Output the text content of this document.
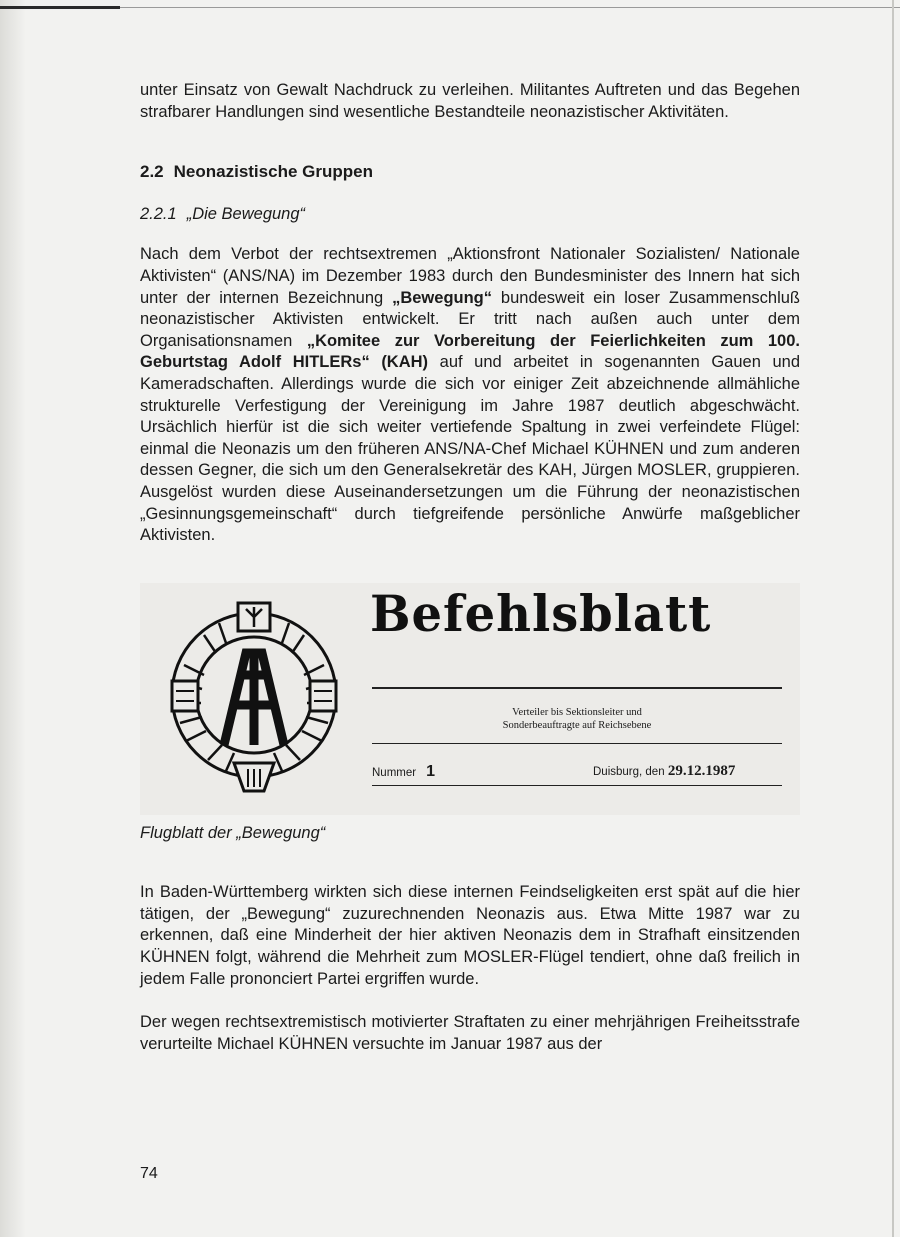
unter Einsatz von Gewalt Nachdruck zu verleihen. Militantes Auftreten und das Begehen strafbarer Handlungen sind wesentliche Bestandteile neonazistischer Aktivitäten.

2.2 Neonazistische Gruppen
2.2.1 „Die Bewegung“

Nach dem Verbot der rechtsextremen „Aktionsfront Nationaler Sozialisten/ Nationale Aktivisten“ (ANS/NA) im Dezember 1983 durch den Bundesminister des Innern hat sich unter der internen Bezeichnung „Bewegung“ bundesweit ein loser Zusammenschluß neonazistischer Aktivisten entwickelt. Er tritt nach außen auch unter dem Organisationsnamen „Komitee zur Vorbereitung der Feierlichkeiten zum 100. Geburtstag Adolf HITLERs“ (KAH) auf und arbeitet in sogenannten Gauen und Kameradschaften. Allerdings wurde die sich vor einiger Zeit abzeichnende allmähliche strukturelle Verfestigung der Vereinigung im Jahre 1987 deutlich abgeschwächt. Ursächlich hierfür ist die sich weiter vertiefende Spaltung in zwei verfeindete Flügel: einmal die Neonazis um den früheren ANS/NA-Chef Michael KÜHNEN und zum anderen dessen Gegner, die sich um den Generalsekretär des KAH, Jürgen MOSLER, gruppieren. Ausgelöst wurden diese Auseinandersetzungen um die Führung der neonazistischen „Gesinnungsgemeinschaft“ durch tiefgreifende persönliche Anwürfe maßgeblicher Aktivisten.

Befehlsblatt
Verteiler bis Sektionsleiter und
Sonderbeauftragte auf Reichsebene
Nummer 1	Duisburg, den 29.12.1987
Flugblatt der „Bewegung“

In Baden-Württemberg wirkten sich diese internen Feindseligkeiten erst spät auf die hier tätigen, der „Bewegung“ zuzurechnenden Neonazis aus. Etwa Mitte 1987 war zu erkennen, daß eine Minderheit der hier aktiven Neonazis dem in Strafhaft einsitzenden KÜHNEN folgt, während die Mehrheit zum MOSLER-Flügel tendiert, ohne daß freilich in jedem Falle prononciert Partei ergriffen wurde.

Der wegen rechtsextremistisch motivierter Straftaten zu einer mehrjährigen Freiheitsstrafe verurteilte Michael KÜHNEN versuchte im Januar 1987 aus der

74
